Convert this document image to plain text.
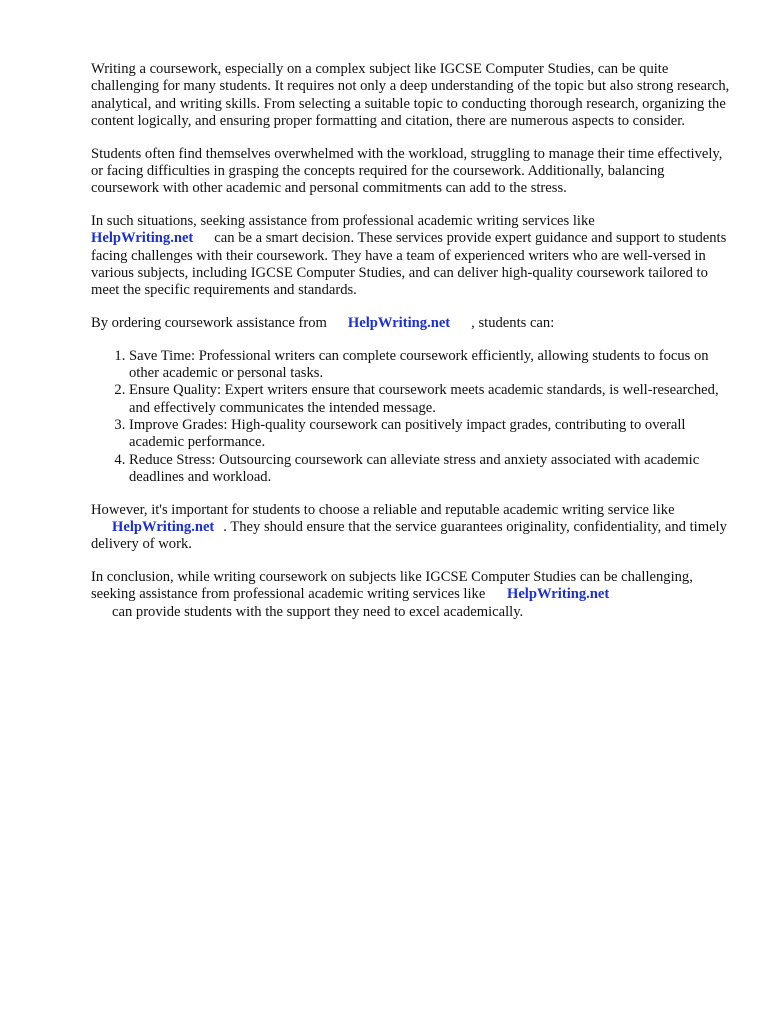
Writing a coursework, especially on a complex subject like IGCSE Computer Studies, can be quite challenging for many students. It requires not only a deep understanding of the topic but also strong research, analytical, and writing skills. From selecting a suitable topic to conducting thorough research, organizing the content logically, and ensuring proper formatting and citation, there are numerous aspects to consider.

Students often find themselves overwhelmed with the workload, struggling to manage their time effectively, or facing difficulties in grasping the concepts required for the coursework. Additionally, balancing coursework with other academic and personal commitments can add to the stress.

In such situations, seeking assistance from professional academic writing services like
HelpWriting.net can be a smart decision. These services provide expert guidance and support to students facing challenges with their coursework. They have a team of experienced writers who are well-versed in various subjects, including IGCSE Computer Studies, and can deliver high-quality coursework tailored to meet the specific requirements and standards.

By ordering coursework assistance from HelpWriting.net , students can:

1. Save Time: Professional writers can complete coursework efficiently, allowing students to focus on other academic or personal tasks.
2. Ensure Quality: Expert writers ensure that coursework meets academic standards, is well-researched, and effectively communicates the intended message.
3. Improve Grades: High-quality coursework can positively impact grades, contributing to overall academic performance.
4. Reduce Stress: Outsourcing coursework can alleviate stress and anxiety associated with academic deadlines and workload.

However, it's important for students to choose a reliable and reputable academic writing service like
HelpWriting.net . They should ensure that the service guarantees originality, confidentiality, and timely delivery of work.

In conclusion, while writing coursework on subjects like IGCSE Computer Studies can be challenging, seeking assistance from professional academic writing services like HelpWriting.net
can provide students with the support they need to excel academically.
